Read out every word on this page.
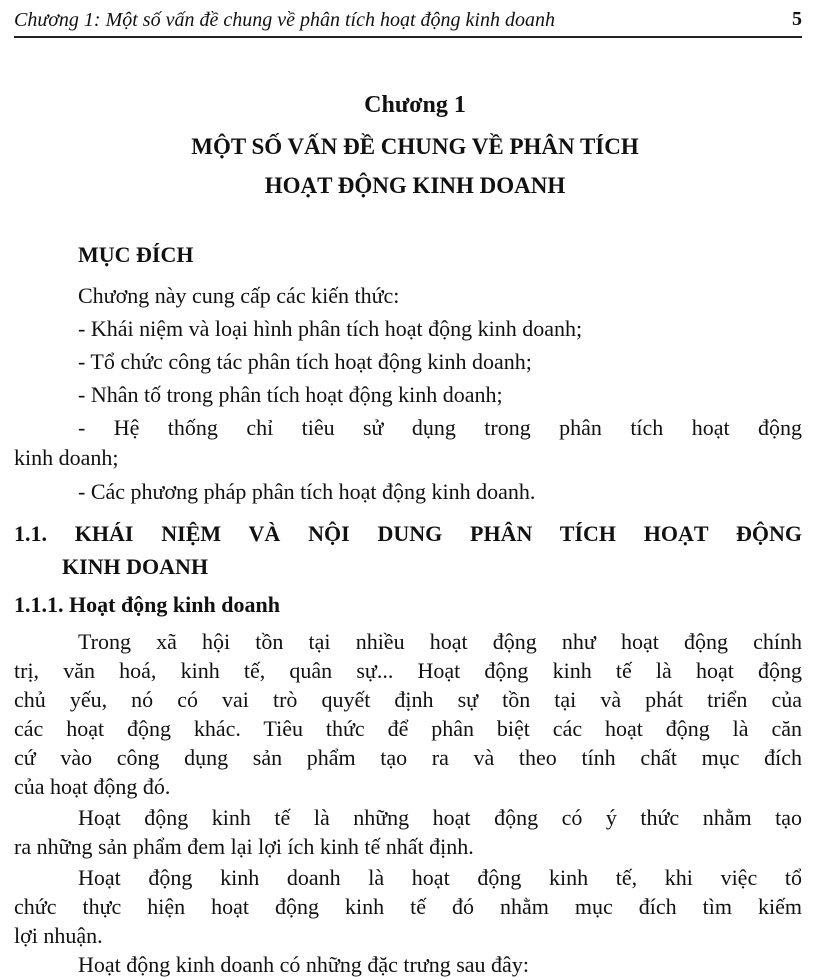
Chương 1: Một số vấn đề chung về phân tích hoạt động kinh doanh	5
Chương 1
MỘT SỐ VẤN ĐỀ CHUNG VỀ PHÂN TÍCH
HOẠT ĐỘNG KINH DOANH
MỤC ĐÍCH
Chương này cung cấp các kiến thức:
- Khái niệm và loại hình phân tích hoạt động kinh doanh;
- Tổ chức công tác phân tích hoạt động kinh doanh;
- Nhân tố trong phân tích hoạt động kinh doanh;
- Hệ thống chỉ tiêu sử dụng trong phân tích hoạt động
kinh doanh;
- Các phương pháp phân tích hoạt động kinh doanh.
1.1. KHÁI NIỆM VÀ NỘI DUNG PHÂN TÍCH HOẠT ĐỘNG
KINH DOANH
1.1.1. Hoạt động kinh doanh
Trong xã hội tồn tại nhiều hoạt động như hoạt động chính
trị, văn hoá, kinh tế, quân sự... Hoạt động kinh tế là hoạt động
chủ yếu, nó có vai trò quyết định sự tồn tại và phát triển của
các hoạt động khác. Tiêu thức để phân biệt các hoạt động là căn
cứ vào công dụng sản phẩm tạo ra và theo tính chất mục đích
của hoạt động đó.
Hoạt động kinh tế là những hoạt động có ý thức nhằm tạo
ra những sản phẩm đem lại lợi ích kinh tế nhất định.
Hoạt động kinh doanh là hoạt động kinh tế, khi việc tổ
chức thực hiện hoạt động kinh tế đó nhằm mục đích tìm kiếm
lợi nhuận.
Hoạt động kinh doanh có những đặc trưng sau đây:
